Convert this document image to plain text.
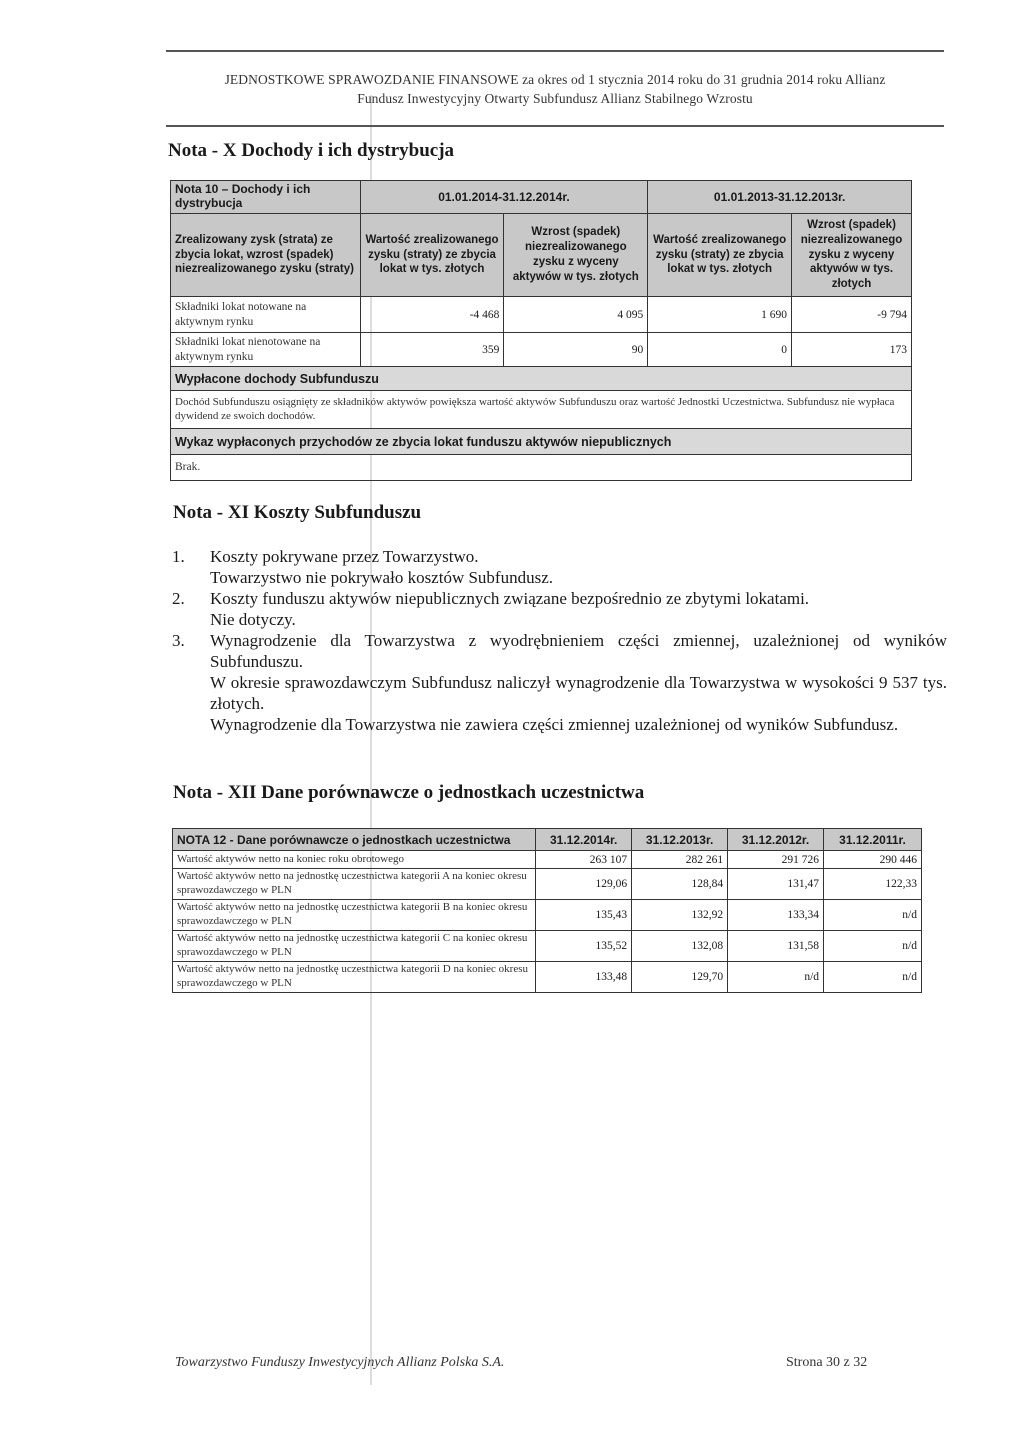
JEDNOSTKOWE SPRAWOZDANIE FINANSOWE za okres od 1 stycznia 2014 roku do 31 grudnia 2014 roku Allianz
Fundusz Inwestycyjny Otwarty Subfundusz Allianz Stabilnego Wzrostu
Nota - X Dochody i ich dystrybucja
Nota 10 – Dochody i ich dystrybucja	01.01.2014-31.12.2014r.		01.01.2013-31.12.2013r.	
Zrealizowany zysk (strata) ze zbycia lokat, wzrost (spadek) niezrealizowanego zysku (straty)	Wartość zrealizowanego zysku (straty) ze zbycia lokat w tys. złotych	Wzrost (spadek) niezrealizowanego zysku z wyceny aktywów w tys. złotych	Wartość zrealizowanego zysku (straty) ze zbycia lokat w tys. złotych	Wzrost (spadek) niezrealizowanego zysku z wyceny aktywów w tys. złotych
Składniki lokat notowane na aktywnym rynku	-4 468	4 095	1 690	-9 794
Składniki lokat nienotowane na aktywnym rynku	359	90	0	173
Wypłacone dochody Subfunduszu				
Dochód Subfunduszu osiągnięty ze składników aktywów powiększa wartość aktywów Subfunduszu oraz wartość Jednostki Uczestnictwa. Subfundusz nie wypłaca dywidend ze swoich dochodów.				
Wykaz wypłaconych przychodów ze zbycia lokat funduszu aktywów niepublicznych				
Brak.				
Nota - XI Koszty Subfunduszu
1.	Koszty pokrywane przez Towarzystwo.
Towarzystwo nie pokrywało kosztów Subfundusz.
2.	Koszty funduszu aktywów niepublicznych związane bezpośrednio ze zbytymi lokatami.
Nie dotyczy.
3.	Wynagrodzenie dla Towarzystwa z wyodrębnieniem części zmiennej, uzależnionej od wyników Subfunduszu.
W okresie sprawozdawczym Subfundusz naliczył wynagrodzenie dla Towarzystwa w wysokości 9 537 tys. złotych.
Wynagrodzenie dla Towarzystwa nie zawiera części zmiennej uzależnionej od wyników Subfundusz.
Nota - XII Dane porównawcze o jednostkach uczestnictwa
NOTA 12 - Dane porównawcze o jednostkach uczestnictwa	31.12.2014r.	31.12.2013r.	31.12.2012r.	31.12.2011r.
Wartość aktywów netto na koniec roku obrotowego	263 107	282 261	291 726	290 446
Wartość aktywów netto na jednostkę uczestnictwa kategorii A na koniec okresu sprawozdawczego w PLN	129,06	128,84	131,47	122,33
Wartość aktywów netto na jednostkę uczestnictwa kategorii B na koniec okresu sprawozdawczego w PLN	135,43	132,92	133,34	n/d
Wartość aktywów netto na jednostkę uczestnictwa kategorii C na koniec okresu sprawozdawczego w PLN	135,52	132,08	131,58	n/d
Wartość aktywów netto na jednostkę uczestnictwa kategorii D na koniec okresu sprawozdawczego w PLN	133,48	129,70	n/d	n/d
Towarzystwo Funduszy Inwestycyjnych Allianz Polska S.A.	Strona 30 z 32
